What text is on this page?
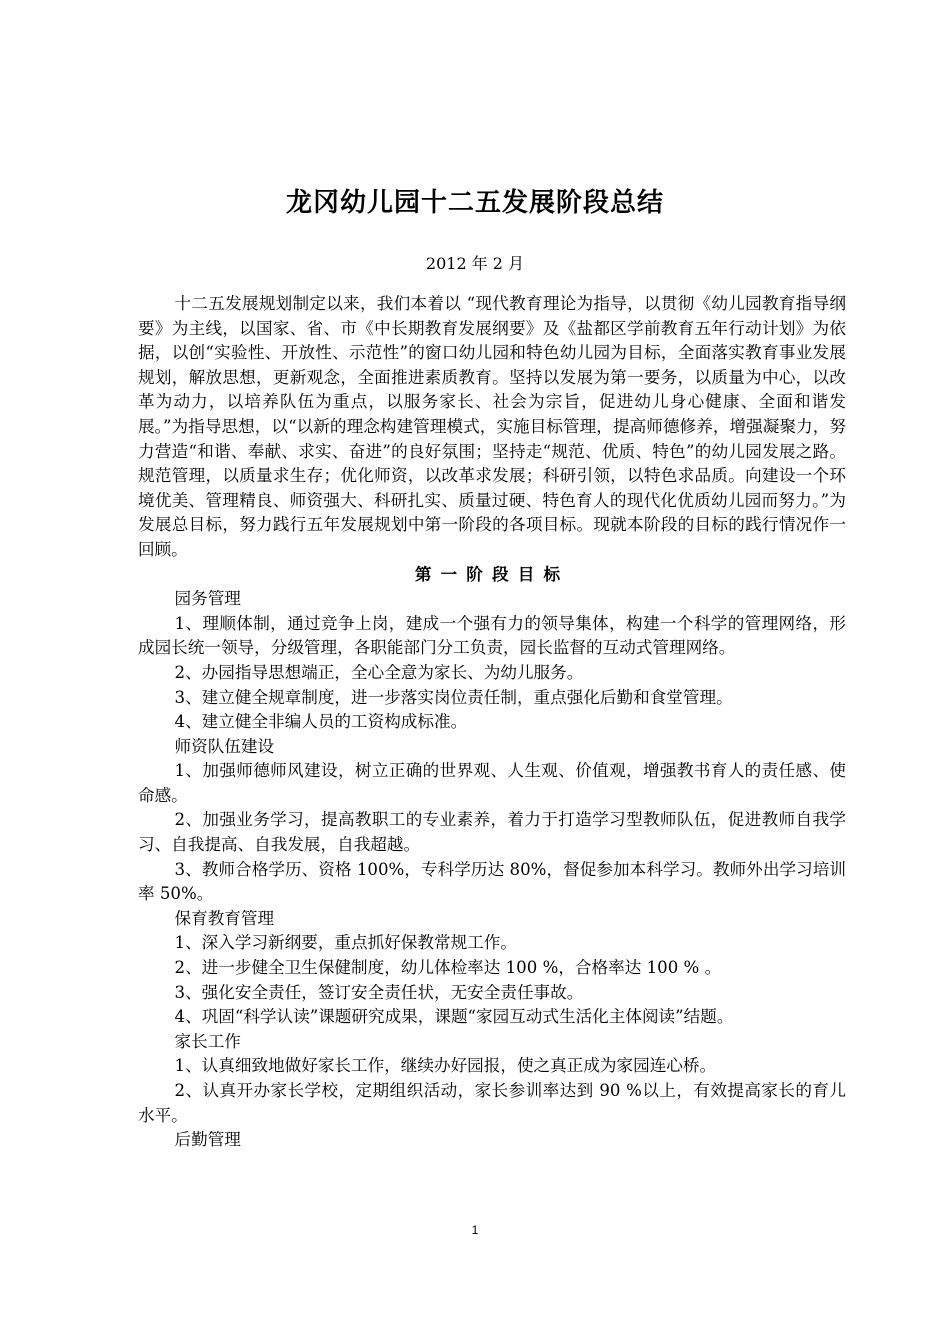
龙冈幼儿园十二五发展阶段总结
2012 年 2 月

十二五发展规划制定以来，我们本着以 “现代教育理论为指导，以贯彻《幼儿园教育指导纲要》为主线，以国家、省、市《中长期教育发展纲要》及《盐都区学前教育五年行动计划》为依据，以创“实验性、开放性、示范性”的窗口幼儿园和特色幼儿园为目标，全面落实教育事业发展规划，解放思想，更新观念，全面推进素质教育。坚持以发展为第一要务，以质量为中心，以改革为动力，以培养队伍为重点，以服务家长、社会为宗旨，促进幼儿身心健康、全面和谐发展。”为指导思想，以“以新的理念构建管理模式，实施目标管理，提高师德修养，增强凝聚力，努力营造“和谐、奉献、求实、奋进”的良好氛围；坚持走“规范、优质、特色”的幼儿园发展之路。规范管理，以质量求生存；优化师资，以改革求发展；科研引领，以特色求品质。向建设一个环境优美、管理精良、师资强大、科研扎实、质量过硬、特色育人的现代化优质幼儿园而努力。”为发展总目标，努力践行五年发展规划中第一阶段的各项目标。现就本阶段的目标的践行情况作一回顾。

第一阶段目标

园务管理

1、理顺体制，通过竞争上岗，建成一个强有力的领导集体，构建一个科学的管理网络，形成园长统一领导，分级管理，各职能部门分工负责，园长监督的互动式管理网络。

2、办园指导思想端正，全心全意为家长、为幼儿服务。

3、建立健全规章制度，进一步落实岗位责任制，重点强化后勤和食堂管理。

4、建立健全非编人员的工资构成标准。

师资队伍建设

1、加强师德师风建设，树立正确的世界观、人生观、价值观，增强教书育人的责任感、使命感。

2、加强业务学习，提高教职工的专业素养，着力于打造学习型教师队伍，促进教师自我学习、自我提高、自我发展，自我超越。

3、教师合格学历、资格 100%，专科学历达 80%，督促参加本科学习。教师外出学习培训率 50%。

保育教育管理

1、深入学习新纲要，重点抓好保教常规工作。

2、进一步健全卫生保健制度，幼儿体检率达 100 %，合格率达 100 % 。

3、强化安全责任，签订安全责任状，无安全责任事故。

4、巩固“科学认读”课题研究成果，课题“家园互动式生活化主体阅读”结题。

家长工作

1、认真细致地做好家长工作，继续办好园报，使之真正成为家园连心桥。

2、认真开办家长学校，定期组织活动，家长参训率达到 90 %以上，有效提高家长的育儿水平。

后勤管理

1
